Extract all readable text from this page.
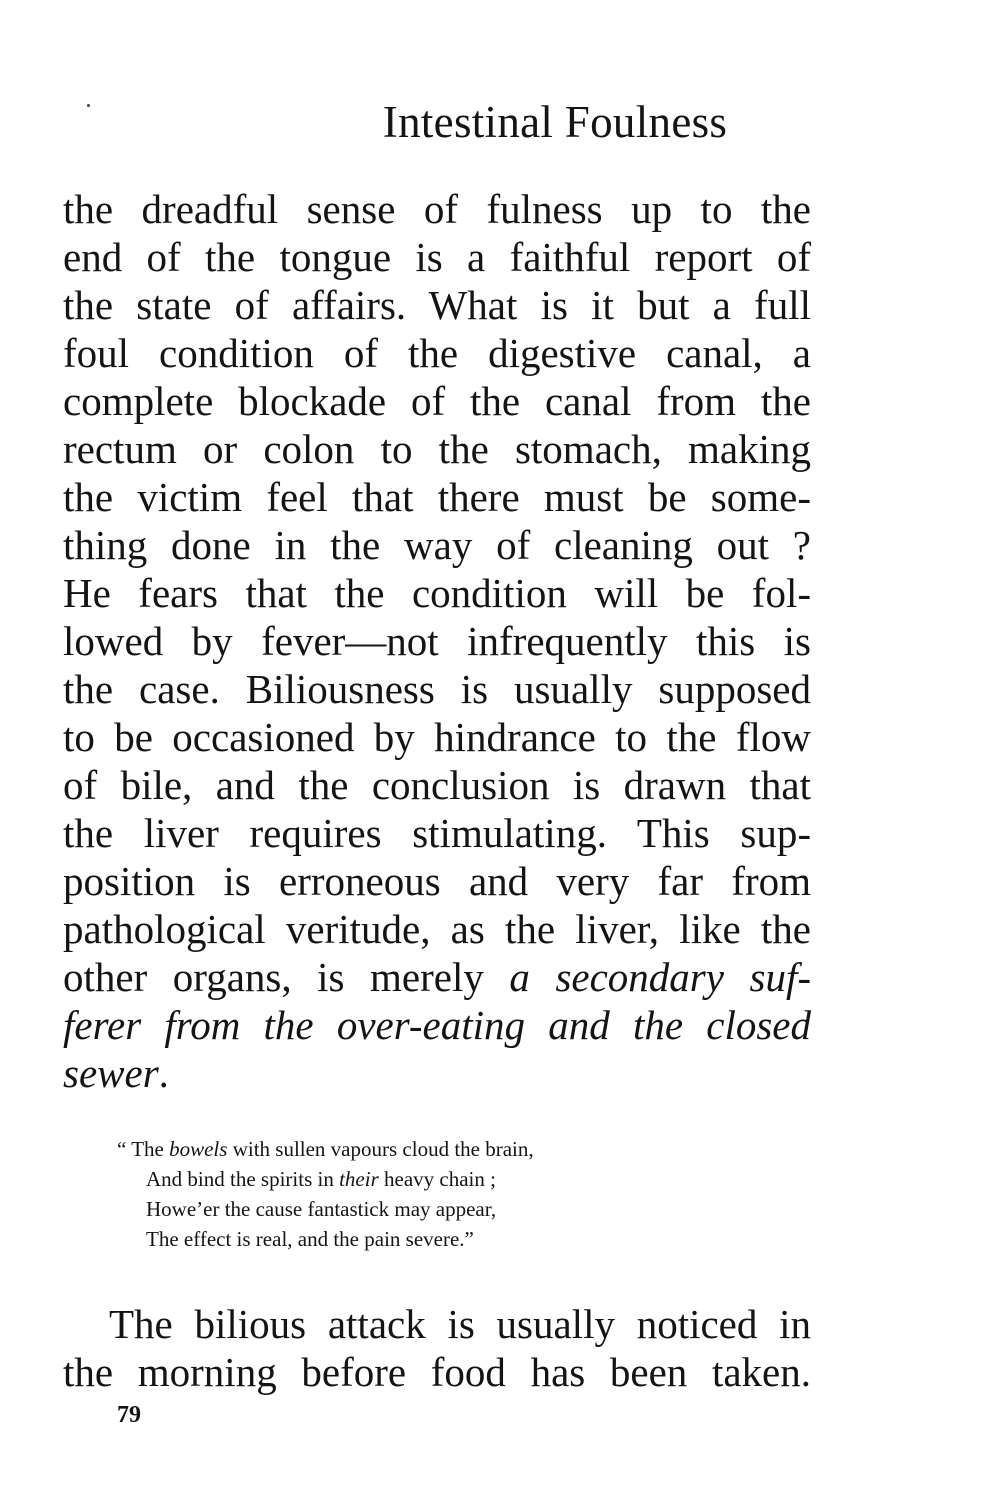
Intestinal Foulness
the dreadful sense of fulness up to the
end of the tongue is a faithful report of
the state of affairs. What is it but a full
foul condition of the digestive canal, a
complete blockade of the canal from the
rectum or colon to the stomach, making
the victim feel that there must be some-
thing done in the way of cleaning out ?
He fears that the condition will be fol-
lowed by fever—not infrequently this is
the case. Biliousness is usually supposed
to be occasioned by hindrance to the flow
of bile, and the conclusion is drawn that
the liver requires stimulating. This sup-
position is erroneous and very far from
pathological veritude, as the liver, like the
other organs, is merely a secondary suf-
ferer from the over-eating and the closed
sewer.
“ The bowels with sullen vapours cloud the brain,
And bind the spirits in their heavy chain ;
Howe’er the cause fantastick may appear,
The effect is real, and the pain severe.”
The bilious attack is usually noticed in
the morning before food has been taken.
79
